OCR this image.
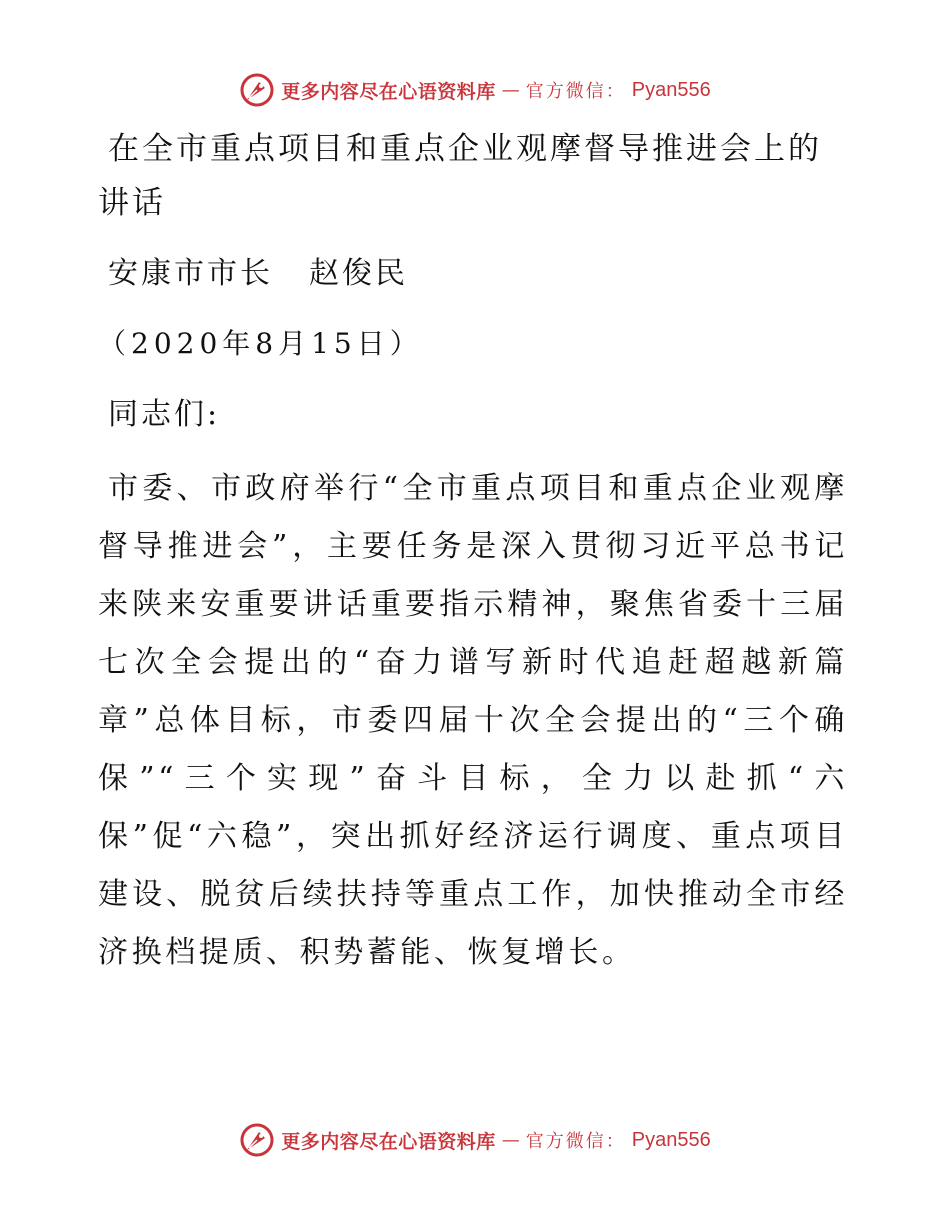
更多内容尽在心语资料库 — 官方微信： Pyan556

在全市重点项目和重点企业观摩督导推进会上的讲话

安康市市长 赵俊民

（2020年8月15日）

同志们:

市委、市政府举行“全市重点项目和重点企业观摩督导推进会”，主要任务是深入贯彻习近平总书记来陕来安重要讲话重要指示精神，聚焦省委十三届七次全会提出的“奋力谱写新时代追赶超越新篇章”总体目标，市委四届十次全会提出的“三个确保”“三个实现”奋斗目标，全力以赴抓“六保”促“六稳”，突出抓好经济运行调度、重点项目建设、脱贫后续扶持等重点工作，加快推动全市经济换档提质、积势蓄能、恢复增长。

更多内容尽在心语资料库 — 官方微信： Pyan556
